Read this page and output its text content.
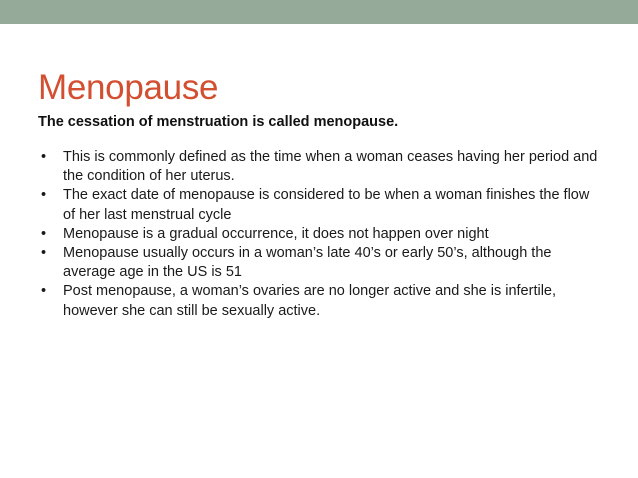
Menopause

The cessation of menstruation is called menopause.

• This is commonly defined as the time when a woman ceases having her period and the condition of her uterus.
• The exact date of menopause is considered to be when a woman finishes the flow of her last menstrual cycle
• Menopause is a gradual occurrence, it does not happen over night
• Menopause usually occurs in a woman’s late 40’s or early 50’s, although the average age in the US is 51
• Post menopause, a woman’s ovaries are no longer active and she is infertile, however she can still be sexually active.
